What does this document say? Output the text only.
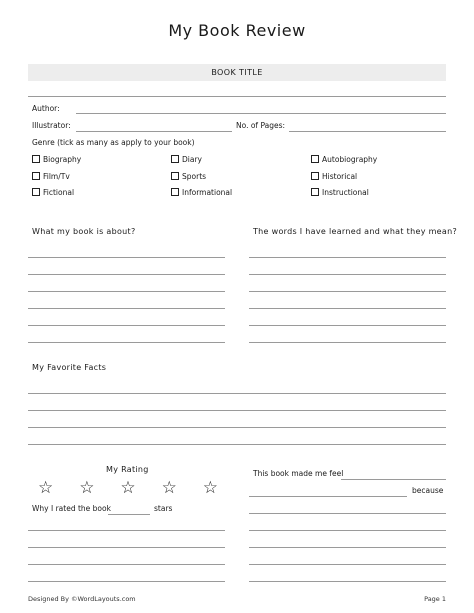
My Book Review
BOOK TITLE
Author:
Illustrator:	No. of Pages:
Genre (tick as many as apply to your book)
Biography	Diary	Autobiography
Film/Tv	Sports	Historical
Fictional	Informational	Instructional
What my book is about?	The words I have learned and what they mean?
My Favorite Facts
My Rating
☆ ☆ ☆ ☆ ☆
Why I rated the book	stars
This book made me feel
because
Designed By ©WordLayouts.com	Page 1
